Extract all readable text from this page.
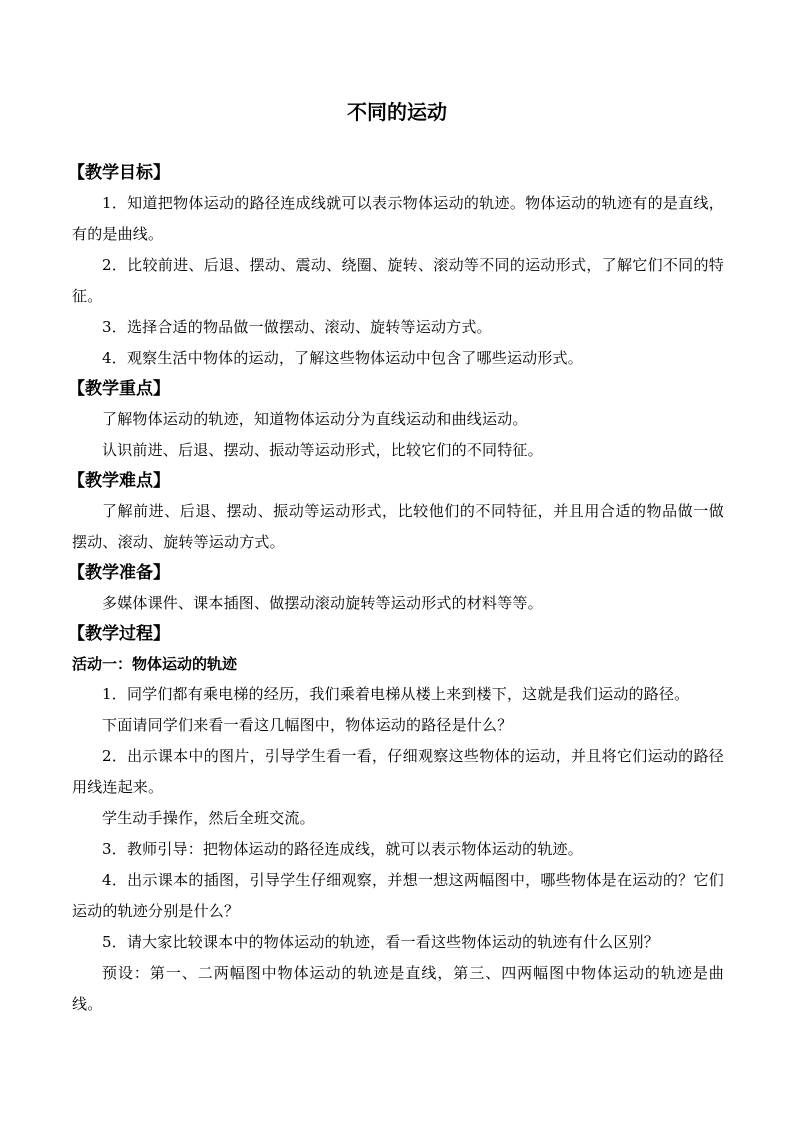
不同的运动
【教学目标】

1．知道把物体运动的路径连成线就可以表示物体运动的轨迹。物体运动的轨迹有的是直线，有的是曲线。

2．比较前进、后退、摆动、震动、绕圈、旋转、滚动等不同的运动形式，了解它们不同的特征。

3．选择合适的物品做一做摆动、滚动、旋转等运动方式。

4．观察生活中物体的运动，了解这些物体运动中包含了哪些运动形式。

【教学重点】

了解物体运动的轨迹，知道物体运动分为直线运动和曲线运动。

认识前进、后退、摆动、振动等运动形式，比较它们的不同特征。

【教学难点】

了解前进、后退、摆动、振动等运动形式，比较他们的不同特征，并且用合适的物品做一做摆动、滚动、旋转等运动方式。

【教学准备】

多媒体课件、课本插图、做摆动滚动旋转等运动形式的材料等等。

【教学过程】
活动一：物体运动的轨迹

1．同学们都有乘电梯的经历，我们乘着电梯从楼上来到楼下，这就是我们运动的路径。

下面请同学们来看一看这几幅图中，物体运动的路径是什么？

2．出示课本中的图片，引导学生看一看，仔细观察这些物体的运动，并且将它们运动的路径用线连起来。

学生动手操作，然后全班交流。

3．教师引导：把物体运动的路径连成线，就可以表示物体运动的轨迹。

4．出示课本的插图，引导学生仔细观察，并想一想这两幅图中，哪些物体是在运动的？它们运动的轨迹分别是什么？

5．请大家比较课本中的物体运动的轨迹，看一看这些物体运动的轨迹有什么区别？

预设：第一、二两幅图中物体运动的轨迹是直线，第三、四两幅图中物体运动的轨迹是曲线。
